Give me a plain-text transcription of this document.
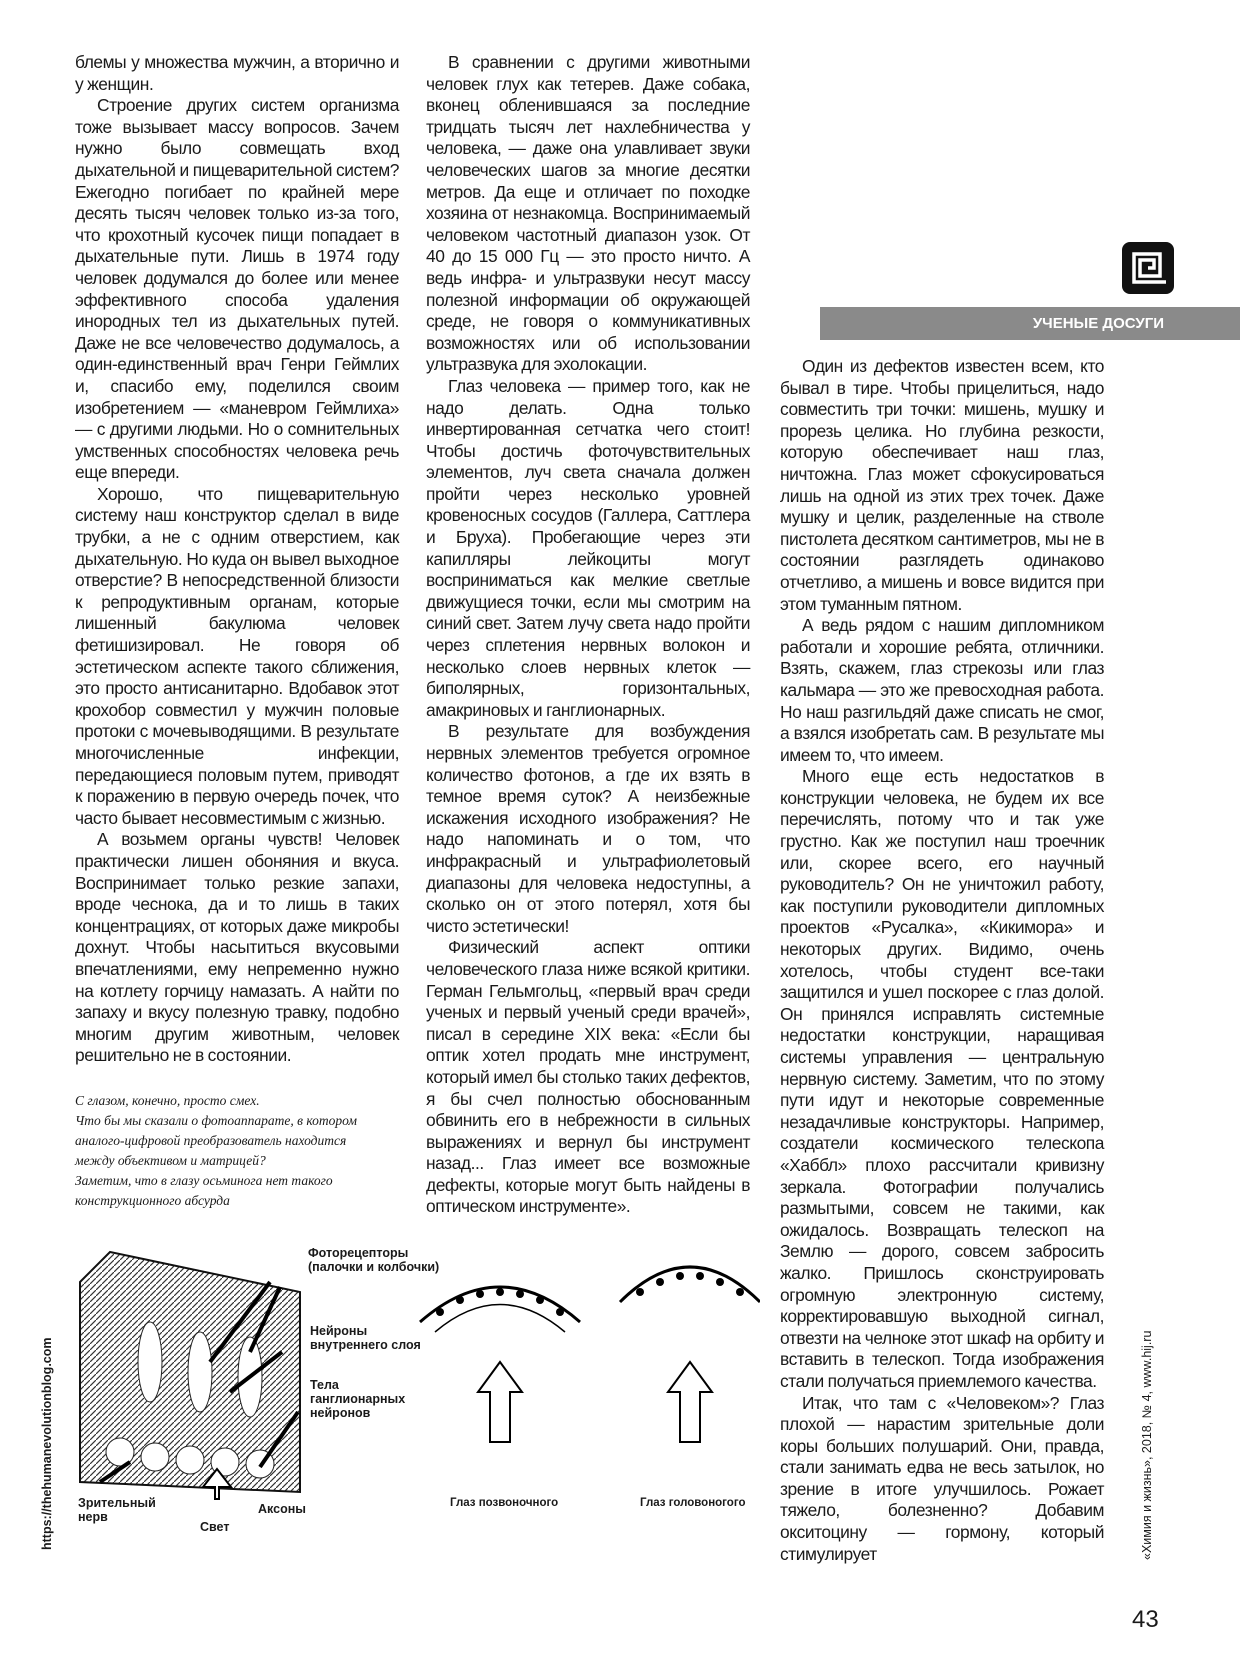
блемы у множества мужчин, а вторично и у женщин.

Строение других систем организма тоже вызывает массу вопросов. Зачем нужно было совмещать вход дыхательной и пищеварительной систем? Ежегодно погибает по крайней мере десять тысяч человек только из-за того, что крохотный кусочек пищи попадает в дыхательные пути. Лишь в 1974 году человек додумался до более или менее эффективного способа удаления инородных тел из дыхательных путей. Даже не все человечество додумалось, а один-единственный врач Генри Геймлих и, спасибо ему, поделился своим изобретением — «маневром Геймлиха» — с другими людьми. Но о сомнительных умственных способностях человека речь еще впереди.

Хорошо, что пищеварительную систему наш конструктор сделал в виде трубки, а не с одним отверстием, как дыхательную. Но куда он вывел выходное отверстие? В непосредственной близости к репродуктивным органам, которые лишенный бакулюма человек фетишизировал. Не говоря об эстетическом аспекте такого сближения, это просто антисанитарно. Вдобавок этот крохобор совместил у мужчин половые протоки с мочевыводящими. В результате многочисленные инфекции, передающиеся половым путем, приводят к поражению в первую очередь почек, что часто бывает несовместимым с жизнью.

А возьмем органы чувств! Человек практически лишен обоняния и вкуса. Воспринимает только резкие запахи, вроде чеснока, да и то лишь в таких концентрациях, от которых даже микробы дохнут. Чтобы насытиться вкусовыми впечатлениями, ему непременно нужно на котлету горчицу намазать. А найти по запаху и вкусу полезную травку, подобно многим другим животным, человек решительно не в состоянии.

В сравнении с другими животными человек глух как тетерев. Даже собака, вконец обленившаяся за последние тридцать тысяч лет нахлебничества у человека, — даже она улавливает звуки человеческих шагов за многие десятки метров. Да еще и отличает по походке хозяина от незнакомца. Воспринимаемый человеком частотный диапазон узок. От 40 до 15 000 Гц — это просто ничто. А ведь инфра- и ультразвуки несут массу полезной информации об окружающей среде, не говоря о коммуникативных возможностях или об использовании ультразвука для эхолокации.

Глаз человека — пример того, как не надо делать. Одна только инвертированная сетчатка чего стоит! Чтобы достичь фоточувствительных элементов, луч света сначала должен пройти через несколько уровней кровеносных сосудов (Галлера, Саттлера и Бруха). Пробегающие через эти капилляры лейкоциты могут восприниматься как мелкие светлые движущиеся точки, если мы смотрим на синий свет. Затем лучу света надо пройти через сплетения нервных волокон и несколько слоев нервных клеток — биполярных, горизонтальных, амакриновых и ганглионарных.

В результате для возбуждения нервных элементов требуется огромное количество фотонов, а где их взять в темное время суток? А неизбежные искажения исходного изображения? Не надо напоминать и о том, что инфракрасный и ультрафиолетовый диапазоны для человека недоступны, а сколько он от этого потерял, хотя бы чисто эстетически!

Физический аспект оптики человеческого глаза ниже всякой критики. Герман Гельмгольц, «первый врач среди ученых и первый ученый среди врачей», писал в середине XIX века: «Если бы оптик хотел продать мне инструмент, который имел бы столько таких дефектов, я бы счел полностью обоснованным обвинить его в небрежности в сильных выражениях и вернул бы инструмент назад... Глаз имеет все возможные дефекты, которые могут быть найдены в оптическом инструменте».

С глазом, конечно, просто смех.
Что бы мы сказали о фотоаппарате, в котором
аналого-цифровой преобразователь находится
между объективом и матрицей?
Заметим, что в глазу осьминога нет такого
конструкционного абсурда
Фоторецепторы (палочки и колбочки)
Нейроны внутреннего слоя
Тела ганглионарных нейронов
Зрительный нерв
Свет
Аксоны	Глаз позвоночного	Глаз головоногого
УЧЕНЫЕ ДОСУГИ

Один из дефектов известен всем, кто бывал в тире. Чтобы прицелиться, надо совместить три точки: мишень, мушку и прорезь целика. Но глубина резкости, которую обеспечивает наш глаз, ничтожна. Глаз может сфокусироваться лишь на одной из этих трех точек. Даже мушку и целик, разделенные на стволе пистолета десятком сантиметров, мы не в состоянии разглядеть одинаково отчетливо, а мишень и вовсе видится при этом туманным пятном.

А ведь рядом с нашим дипломником работали и хорошие ребята, отличники. Взять, скажем, глаз стрекозы или глаз кальмара — это же превосходная работа. Но наш разгильдяй даже списать не смог, а взялся изобретать сам. В результате мы имеем то, что имеем.

Много еще есть недостатков в конструкции человека, не будем их все перечислять, потому что и так уже грустно. Как же поступил наш троечник или, скорее всего, его научный руководитель? Он не уничтожил работу, как поступили руководители дипломных проектов «Русалка», «Кикимора» и некоторых других. Видимо, очень хотелось, чтобы студент все-таки защитился и ушел поскорее с глаз долой. Он принялся исправлять системные недостатки конструкции, наращивая системы управления — центральную нервную систему. Заметим, что по этому пути идут и некоторые современные незадачливые конструкторы. Например, создатели космического телескопа «Хаббл» плохо рассчитали кривизну зеркала. Фотографии получались размытыми, совсем не такими, как ожидалось. Возвращать телескоп на Землю — дорого, совсем забросить жалко. Пришлось сконструировать огромную электронную систему, корректировавшую выходной сигнал, отвезти на челноке этот шкаф на орбиту и вставить в телескоп. Тогда изображения стали получаться приемлемого качества.

Итак, что там с «Человеком»? Глаз плохой — нарастим зрительные доли коры больших полушарий. Они, правда, стали занимать едва не весь затылок, но зрение в итоге улучшилось. Рожает тяжело, болезненно? Добавим окситоцину — гормону, который стимулирует

https://thehumanevolutionblog.com	«Химия и жизнь», 2018, № 4, www.hij.ru
43
